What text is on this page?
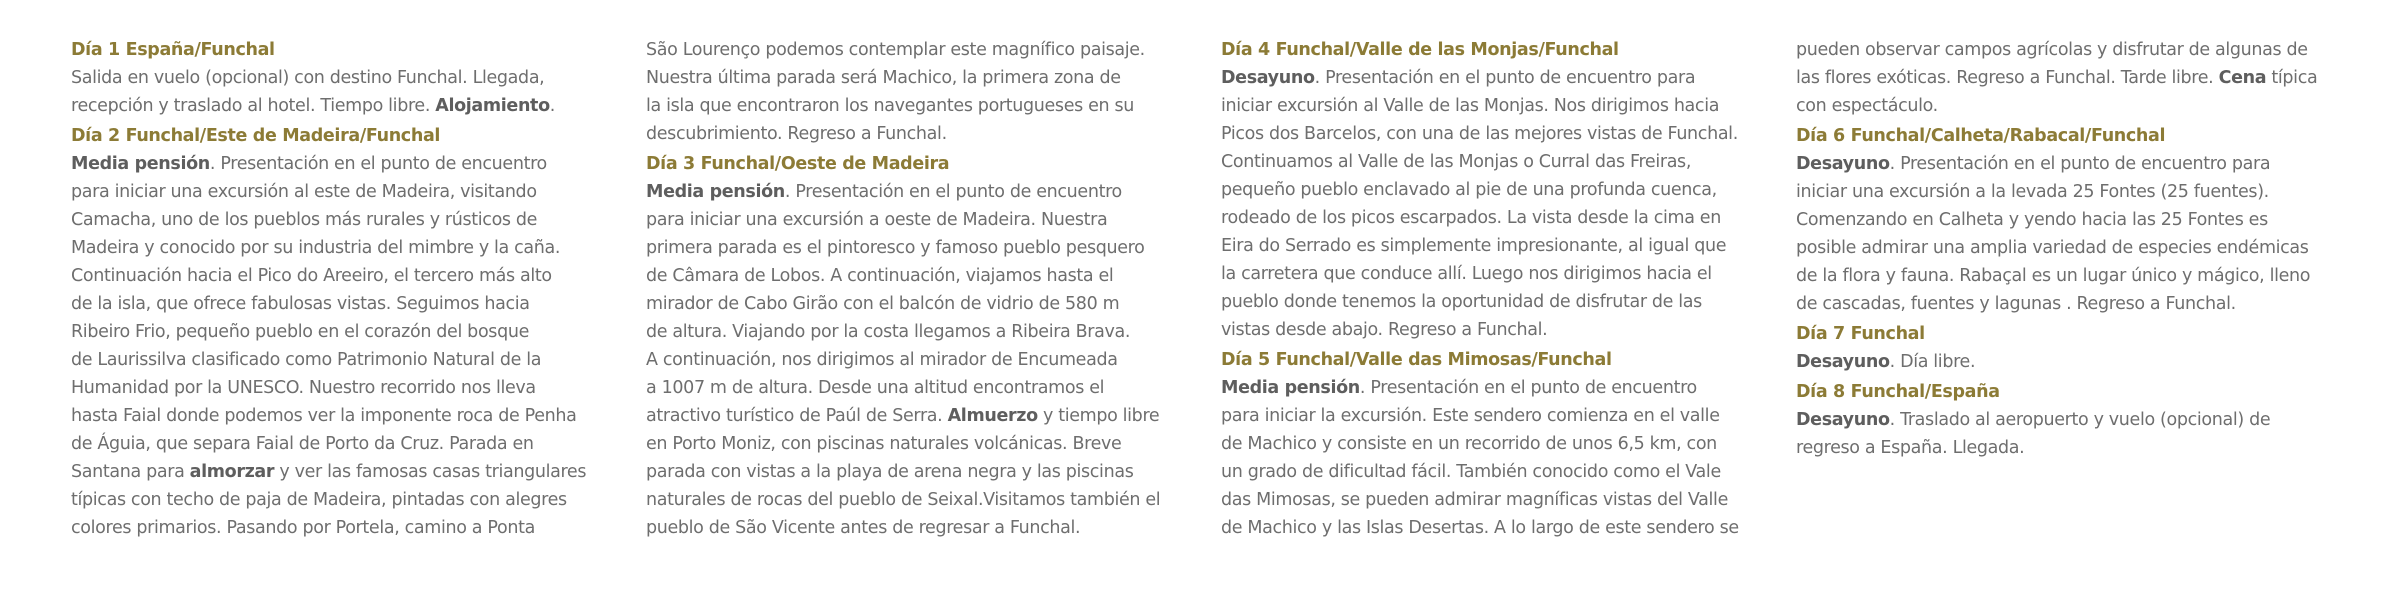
Día 1 España/Funchal
Salida en vuelo (opcional) con destino Funchal. Llegada,
recepción y traslado al hotel. Tiempo libre. Alojamiento.
Día 2 Funchal/Este de Madeira/Funchal
Media pensión. Presentación en el punto de encuentro
para iniciar una excursión al este de Madeira, visitando
Camacha, uno de los pueblos más rurales y rústicos de
Madeira y conocido por su industria del mimbre y la caña.
Continuación hacia el Pico do Areeiro, el tercero más alto
de la isla, que ofrece fabulosas vistas. Seguimos hacia
Ribeiro Frio, pequeño pueblo en el corazón del bosque
de Laurissilva clasificado como Patrimonio Natural de la
Humanidad por la UNESCO. Nuestro recorrido nos lleva
hasta Faial donde podemos ver la imponente roca de Penha
de Águia, que separa Faial de Porto da Cruz. Parada en
Santana para almorzar y ver las famosas casas triangulares
típicas con techo de paja de Madeira, pintadas con alegres
colores primarios. Pasando por Portela, camino a Ponta
São Lourenço podemos contemplar este magnífico paisaje.
Nuestra última parada será Machico, la primera zona de
la isla que encontraron los navegantes portugueses en su
descubrimiento. Regreso a Funchal.
Día 3 Funchal/Oeste de Madeira
Media pensión. Presentación en el punto de encuentro
para iniciar una excursión a oeste de Madeira. Nuestra
primera parada es el pintoresco y famoso pueblo pesquero
de Câmara de Lobos. A continuación, viajamos hasta el
mirador de Cabo Girão con el balcón de vidrio de 580 m
de altura. Viajando por la costa llegamos a Ribeira Brava.
A continuación, nos dirigimos al mirador de Encumeada
a 1007 m de altura. Desde una altitud encontramos el
atractivo turístico de Paúl de Serra. Almuerzo y tiempo libre
en Porto Moniz, con piscinas naturales volcánicas. Breve
parada con vistas a la playa de arena negra y las piscinas
naturales de rocas del pueblo de Seixal.Visitamos también el
pueblo de São Vicente antes de regresar a Funchal.
Día 4 Funchal/Valle de las Monjas/Funchal
Desayuno. Presentación en el punto de encuentro para
iniciar excursión al Valle de las Monjas. Nos dirigimos hacia
Picos dos Barcelos, con una de las mejores vistas de Funchal.
Continuamos al Valle de las Monjas o Curral das Freiras,
pequeño pueblo enclavado al pie de una profunda cuenca,
rodeado de los picos escarpados. La vista desde la cima en
Eira do Serrado es simplemente impresionante, al igual que
la carretera que conduce allí. Luego nos dirigimos hacia el
pueblo donde tenemos la oportunidad de disfrutar de las
vistas desde abajo. Regreso a Funchal.
Día 5 Funchal/Valle das Mimosas/Funchal
Media pensión. Presentación en el punto de encuentro
para iniciar la excursión. Este sendero comienza en el valle
de Machico y consiste en un recorrido de unos 6,5 km, con
un grado de dificultad fácil. También conocido como el Vale
das Mimosas, se pueden admirar magníficas vistas del Valle
de Machico y las Islas Desertas. A lo largo de este sendero se
pueden observar campos agrícolas y disfrutar de algunas de
las flores exóticas. Regreso a Funchal. Tarde libre. Cena típica
con espectáculo.
Día 6 Funchal/Calheta/Rabacal/Funchal
Desayuno. Presentación en el punto de encuentro para
iniciar una excursión a la levada 25 Fontes (25 fuentes).
Comenzando en Calheta y yendo hacia las 25 Fontes es
posible admirar una amplia variedad de especies endémicas
de la flora y fauna. Rabaçal es un lugar único y mágico, lleno
de cascadas, fuentes y lagunas . Regreso a Funchal.
Día 7 Funchal
Desayuno. Día libre.
Día 8 Funchal/España
Desayuno. Traslado al aeropuerto y vuelo (opcional) de
regreso a España. Llegada.
